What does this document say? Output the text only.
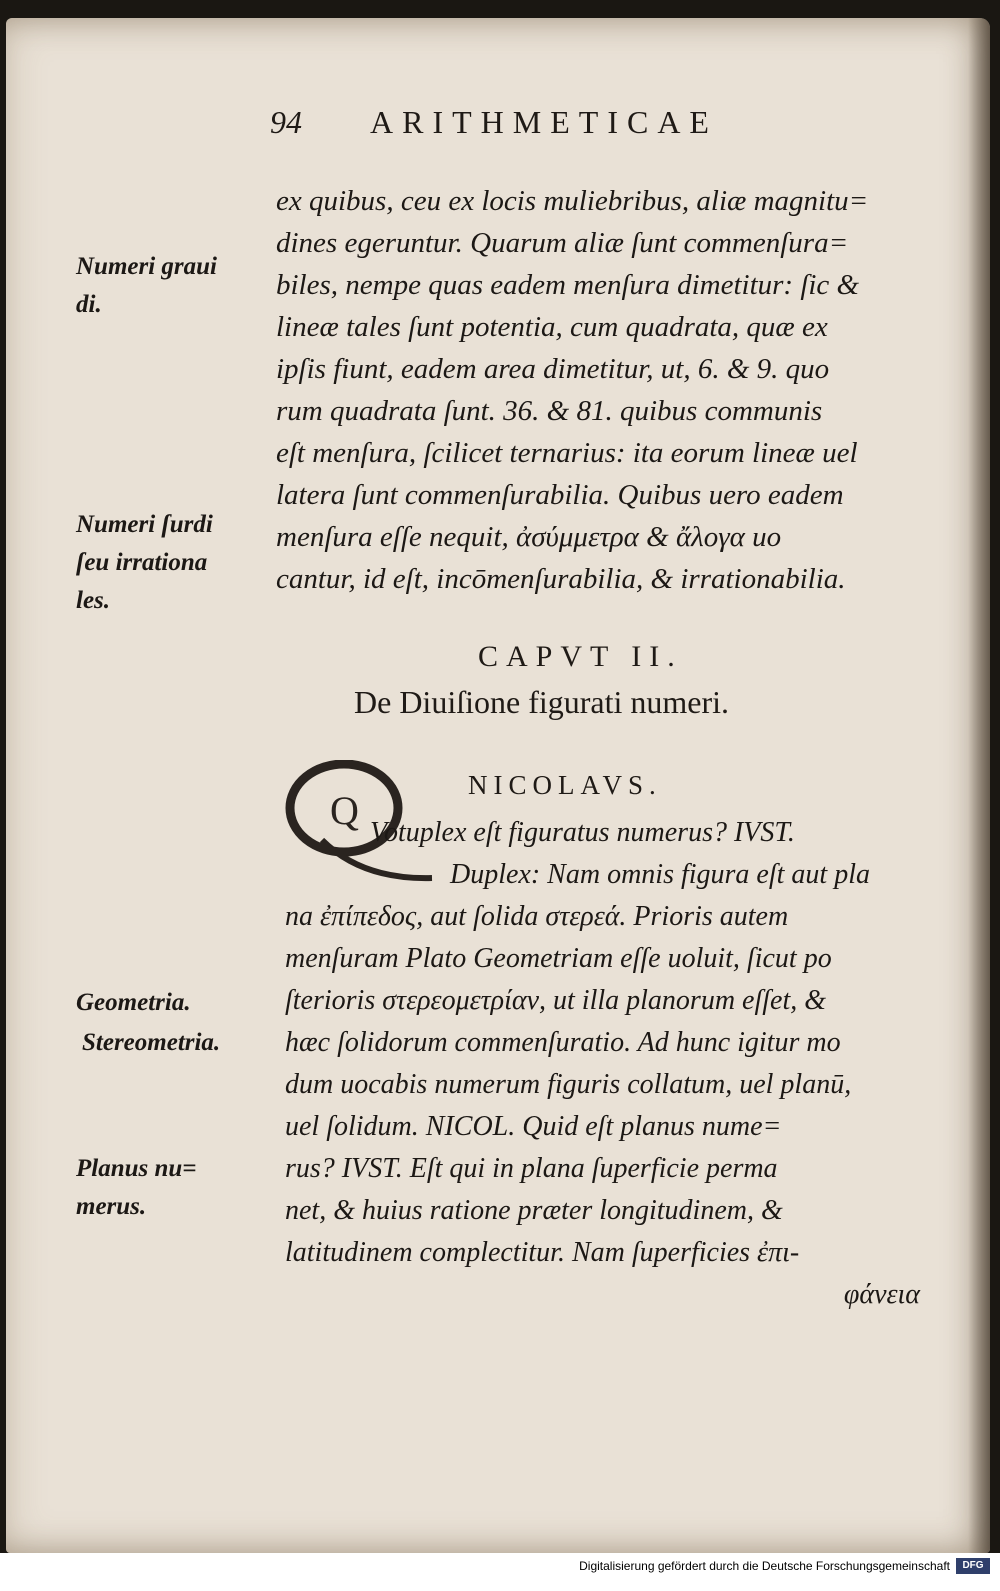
94 ARITHMETICAE
ex quibus, ceu ex locis muliebribus, aliæ magnitu=
dines egeruntur. Quarum aliæ ſunt commenſura=
biles, nempe quas eadem menſura dimetitur: ſic &
lineæ tales ſunt potentia, cum quadrata, quæ ex
ipſis fiunt, eadem area dimetitur, ut, 6. & 9. quo
rum quadrata ſunt. 36. & 81. quibus communis
eſt menſura, ſcilicet ternarius: ita eorum lineæ uel
latera ſunt commenſurabilia. Quibus uero eadem
menſura eſſe nequit, ἀσύμμετρα & ἄλογα uo
cantur, id eſt, incōmenſurabilia, & irrationabilia.
Numeri graui
di.
Numeri ſurdi
ſeu irrationa
les.
CAPVT II.
De Diuiſione figurati numeri.
Q
NICOLAVS.
Votuplex eſt figuratus numerus? IVST.
Duplex: Nam omnis figura eſt aut pla
na ἐπίπεδος, aut ſolida στερεά. Prioris autem
menſuram Plato Geometriam eſſe uoluit, ſicut po
ſterioris στερεομετρίαν, ut illa planorum eſſet, &
hæc ſolidorum commenſuratio. Ad hunc igitur mo
dum uocabis numerum figuris collatum, uel planū,
uel ſolidum. NICOL. Quid eſt planus nume=
rus? IVST. Eſt qui in plana ſuperficie perma
net, & huius ratione præter longitudinem, &
latitudinem complectitur. Nam ſuperficies ἐπι-
φάνεια
Geometria.
Stereometria.
Planus nu=
merus.
Digitalisierung gefördert durch die Deutsche Forschungsgemeinschaft	DFG
